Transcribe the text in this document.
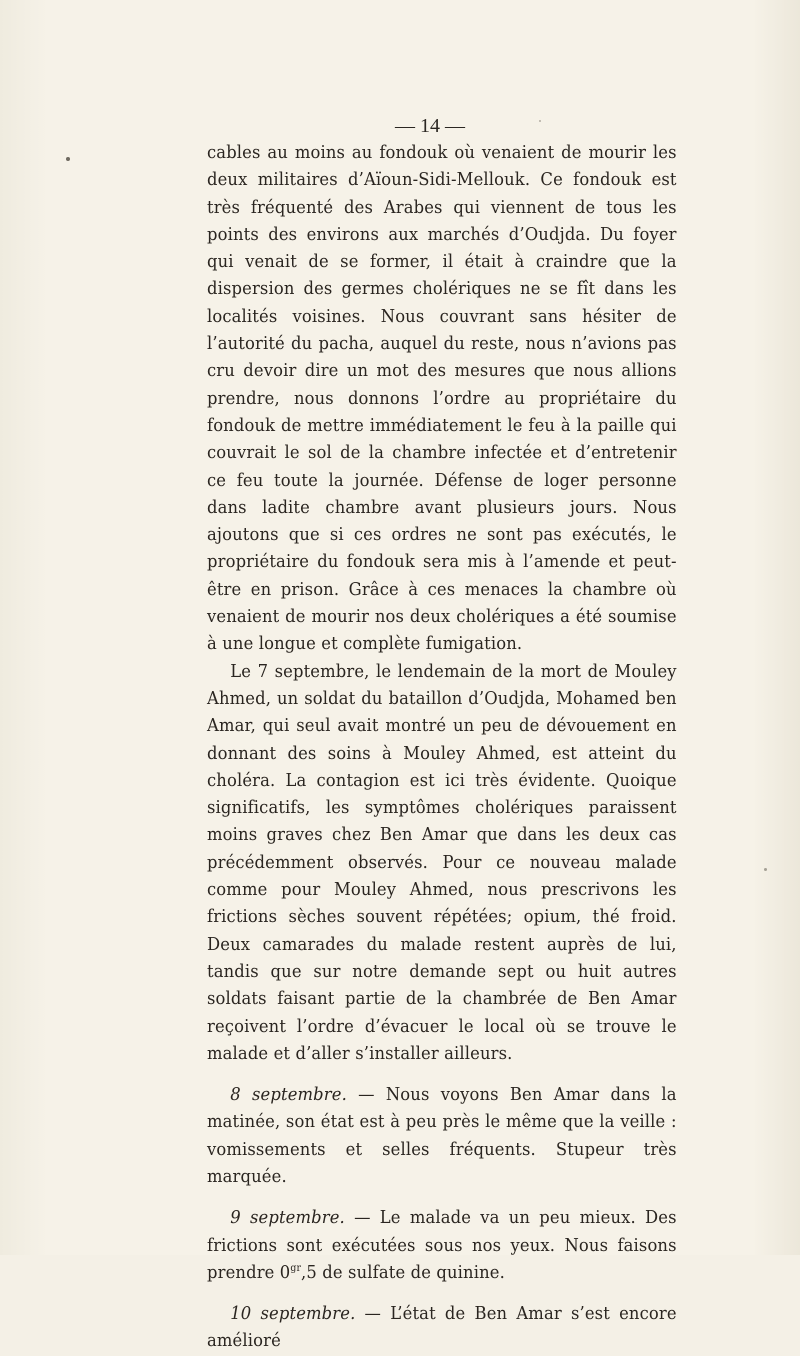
— 14 —

cables au moins au fondouk où venaient de mourir les deux militaires d’Aïoun-Sidi-Mellouk. Ce fondouk est très fréquenté des Arabes qui viennent de tous les points des environs aux marchés d’Oudjda. Du foyer qui venait de se former, il était à craindre que la dispersion des germes cholériques ne se fît dans les localités voisines. Nous couvrant sans hésiter de l’autorité du pacha, auquel du reste, nous n’avions pas cru devoir dire un mot des mesures que nous allions prendre, nous donnons l’ordre au propriétaire du fondouk de mettre immédiatement le feu à la paille qui couvrait le sol de la chambre infectée et d’entretenir ce feu toute la journée. Défense de loger personne dans ladite chambre avant plusieurs jours. Nous ajoutons que si ces ordres ne sont pas exécutés, le propriétaire du fondouk sera mis à l’amende et peut-être en prison. Grâce à ces menaces la chambre où venaient de mourir nos deux cholériques a été soumise à une longue et complète fumigation.

Le 7 septembre, le lendemain de la mort de Mouley Ahmed, un soldat du bataillon d’Oudjda, Mohamed ben Amar, qui seul avait montré un peu de dévouement en donnant des soins à Mouley Ahmed, est atteint du choléra. La contagion est ici très évidente. Quoique significatifs, les symptômes cholériques paraissent moins graves chez Ben Amar que dans les deux cas précédemment observés. Pour ce nouveau malade comme pour Mouley Ahmed, nous prescrivons les frictions sèches souvent répétées; opium, thé froid. Deux camarades du malade restent auprès de lui, tandis que sur notre demande sept ou huit autres soldats faisant partie de la chambrée de Ben Amar reçoivent l’ordre d’évacuer le local où se trouve le malade et d’aller s’installer ailleurs.

8 septembre. — Nous voyons Ben Amar dans la matinée, son état est à peu près le même que la veille : vomissements et selles fréquents. Stupeur très marquée.

9 septembre. — Le malade va un peu mieux. Des frictions sont exécutées sous nos yeux. Nous faisons prendre $0^{gr},5$ de sulfate de quinine.

10 septembre. — L’état de Ben Amar s’est encore amélioré
